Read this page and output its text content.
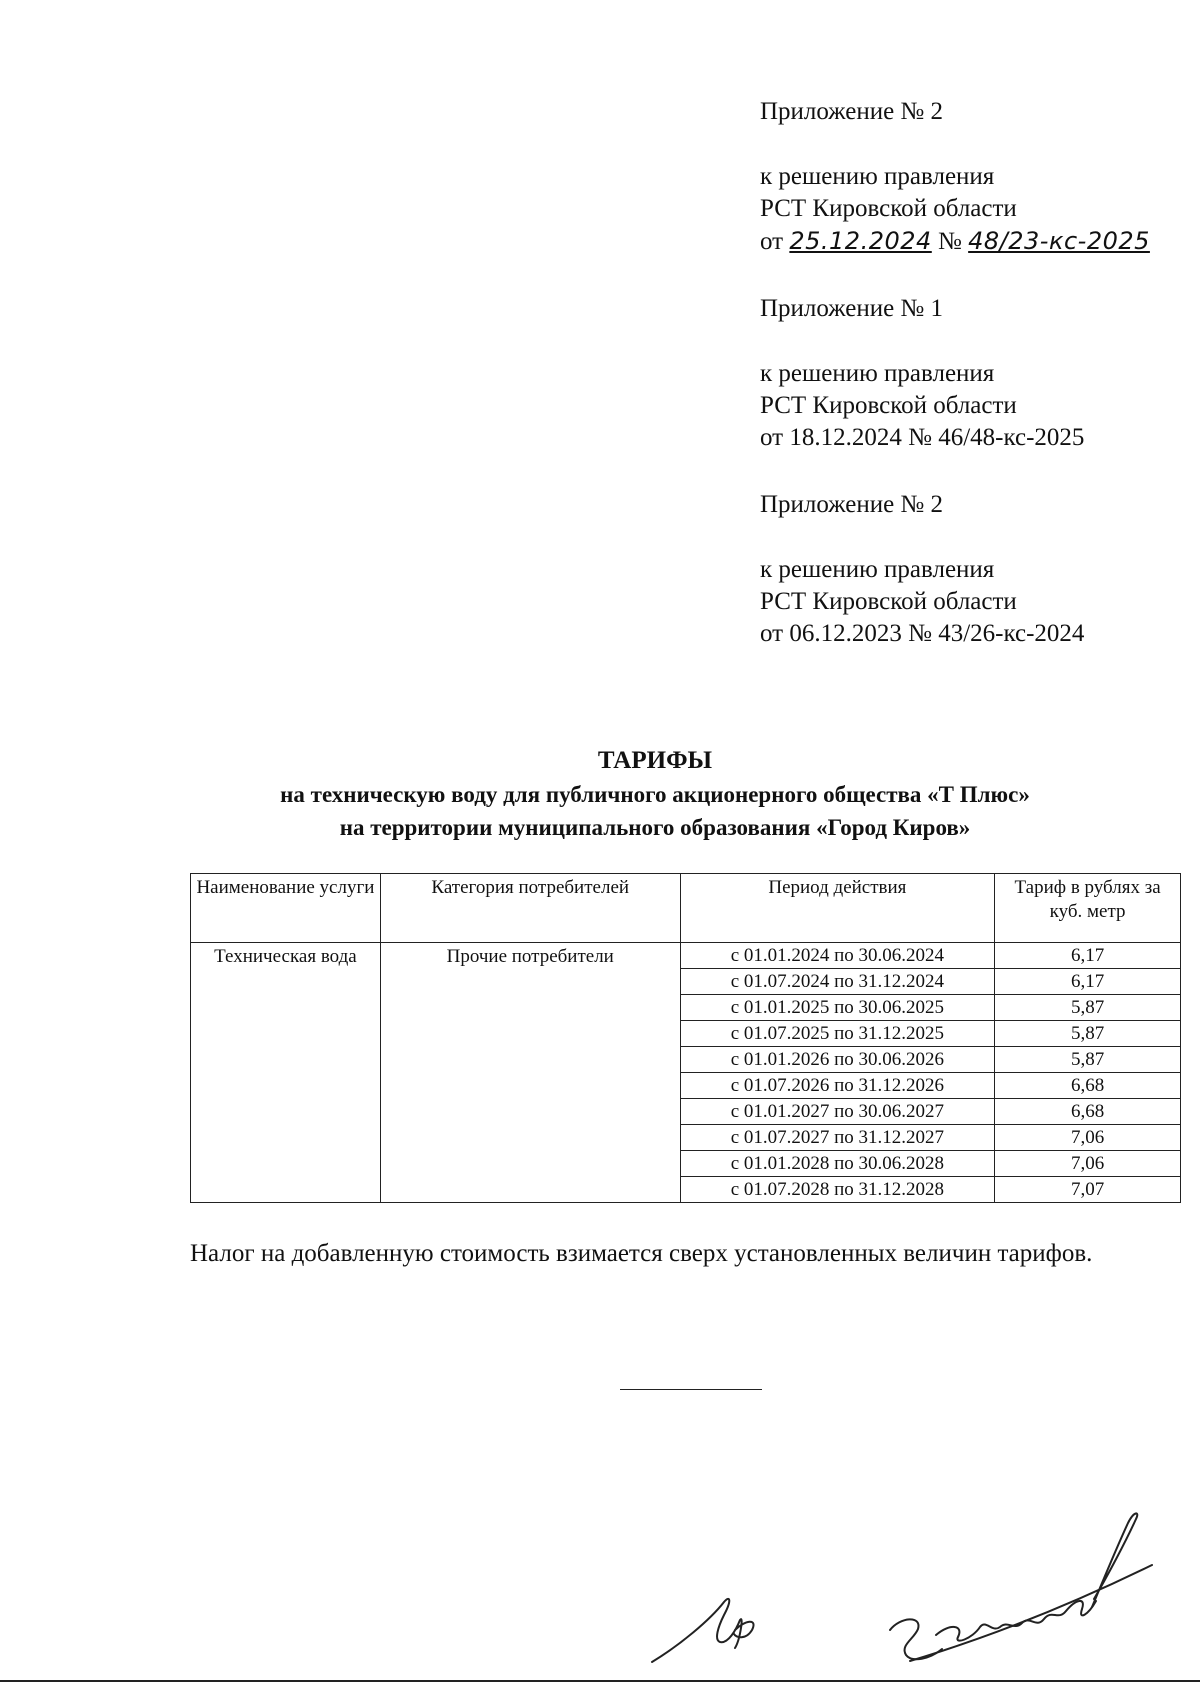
Приложение № 2
к решению правления
РСТ Кировской области
от 25.12.2024 № 48/23-кс-2025
Приложение № 1
к решению правления
РСТ Кировской области
от 18.12.2024 № 46/48-кс-2025
Приложение № 2
к решению правления
РСТ Кировской области
от 06.12.2023 № 43/26-кс-2024
ТАРИФЫ
на техническую воду для публичного акционерного общества «Т Плюс»
на территории муниципального образования «Город Киров»
Наименование услуги	Категория потребителей	Период действия	Тариф в рублях за куб. метр
Техническая вода	Прочие потребители	с 01.01.2024 по 30.06.2024	6,17
		с 01.07.2024 по 31.12.2024	6,17
		с 01.01.2025 по 30.06.2025	5,87
		с 01.07.2025 по 31.12.2025	5,87
		с 01.01.2026 по 30.06.2026	5,87
		с 01.07.2026 по 31.12.2026	6,68
		с 01.01.2027 по 30.06.2027	6,68
		с 01.07.2027 по 31.12.2027	7,06
		с 01.01.2028 по 30.06.2028	7,06
		с 01.07.2028 по 31.12.2028	7,07
Налог на добавленную стоимость взимается сверх установленных величин тарифов.
